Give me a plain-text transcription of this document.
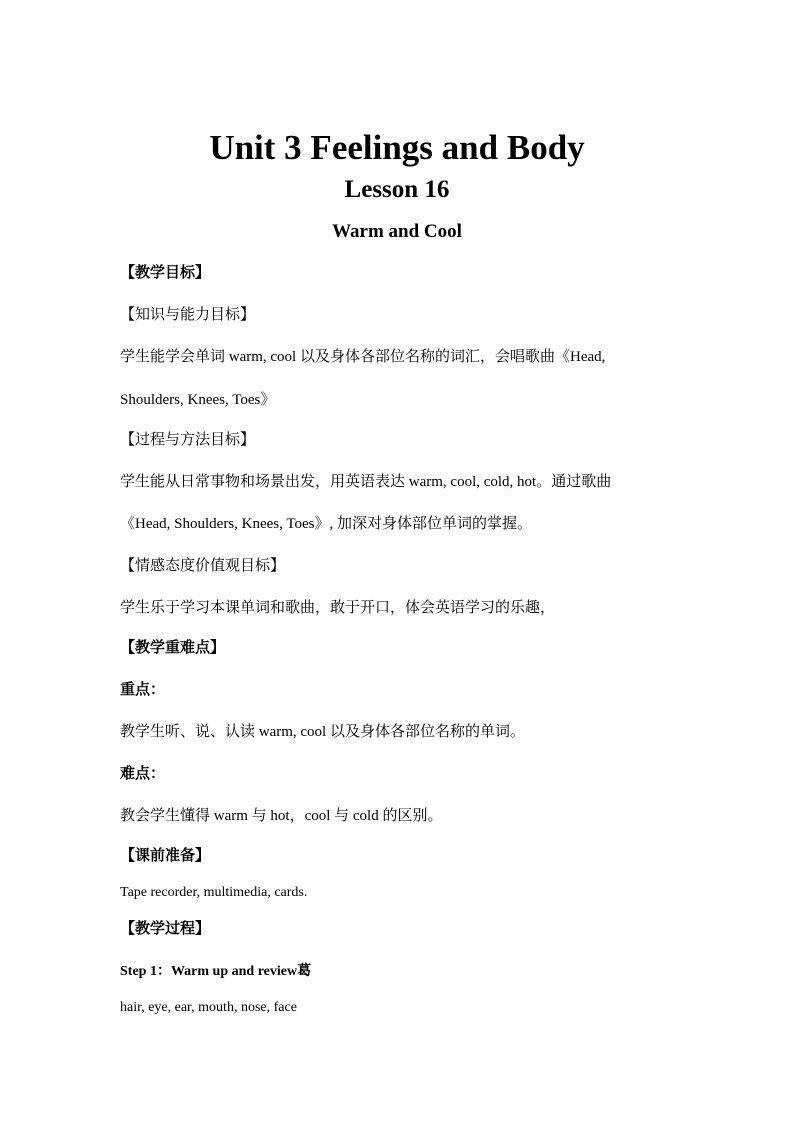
Unit 3 Feelings and Body
Lesson 16
Warm and Cool
【教学目标】
【知识与能力目标】
学生能学会单词 warm, cool 以及身体各部位名称的词汇，会唱歌曲《Head,
Shoulders, Knees, Toes》
【过程与方法目标】
学生能从日常事物和场景出发，用英语表达 warm, cool, cold, hot。通过歌曲
《Head, Shoulders, Knees, Toes》, 加深对身体部位单词的掌握。
【情感态度价值观目标】
学生乐于学习本课单词和歌曲，敢于开口，体会英语学习的乐趣，
【教学重难点】
重点：
教学生听、说、认读 warm, cool 以及身体各部位名称的单词。
难点：
教会学生懂得 warm 与 hot，cool 与 cold 的区别。
【课前准备】
Tape recorder, multimedia, cards.
【教学过程】
Step 1：Warm up and review葛
hair, eye, ear, mouth, nose, face
